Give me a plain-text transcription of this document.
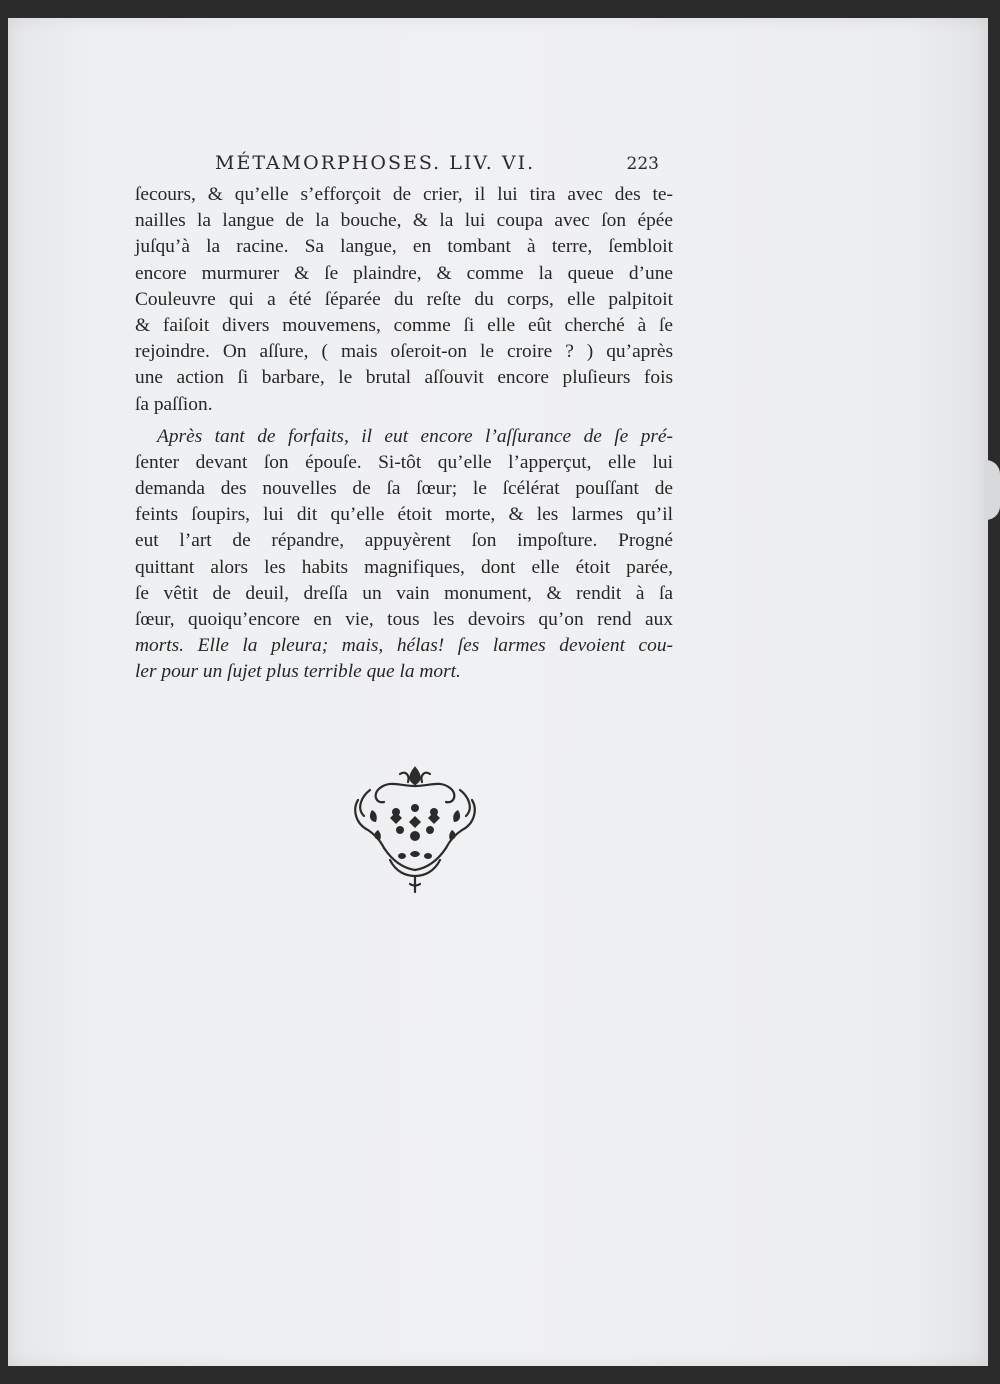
MÉTAMORPHOSES. LIV. VI.	223
ſecours, & qu’elle s’efforçoit de crier, il lui tira avec des te-
nailles la langue de la bouche, & la lui coupa avec ſon épée
juſqu’à la racine. Sa langue, en tombant à terre, ſembloit
encore murmurer & ſe plaindre, & comme la queue d’une
Couleuvre qui a été ſéparée du reſte du corps, elle palpitoit
& faiſoit divers mouvemens, comme ſi elle eût cherché à ſe
rejoindre. On aſſure, ( mais oſeroit-on le croire ? ) qu’après
une action ſi barbare, le brutal aſſouvit encore pluſieurs fois
ſa paſſion.
Après tant de forfaits, il eut encore l’aſſurance de ſe pré-
ſenter devant ſon épouſe. Si-tôt qu’elle l’apperçut, elle lui
demanda des nouvelles de ſa ſœur; le ſcélérat pouſſant de
feints ſoupirs, lui dit qu’elle étoit morte, & les larmes qu’il
eut l’art de répandre, appuyèrent ſon impoſture. Progné
quittant alors les habits magnifiques, dont elle étoit parée,
ſe vêtit de deuil, dreſſa un vain monument, & rendit à ſa
ſœur, quoiqu’encore en vie, tous les devoirs qu’on rend aux
morts. Elle la pleura; mais, hélas! ſes larmes devoient cou-
ler pour un ſujet plus terrible que la mort.
